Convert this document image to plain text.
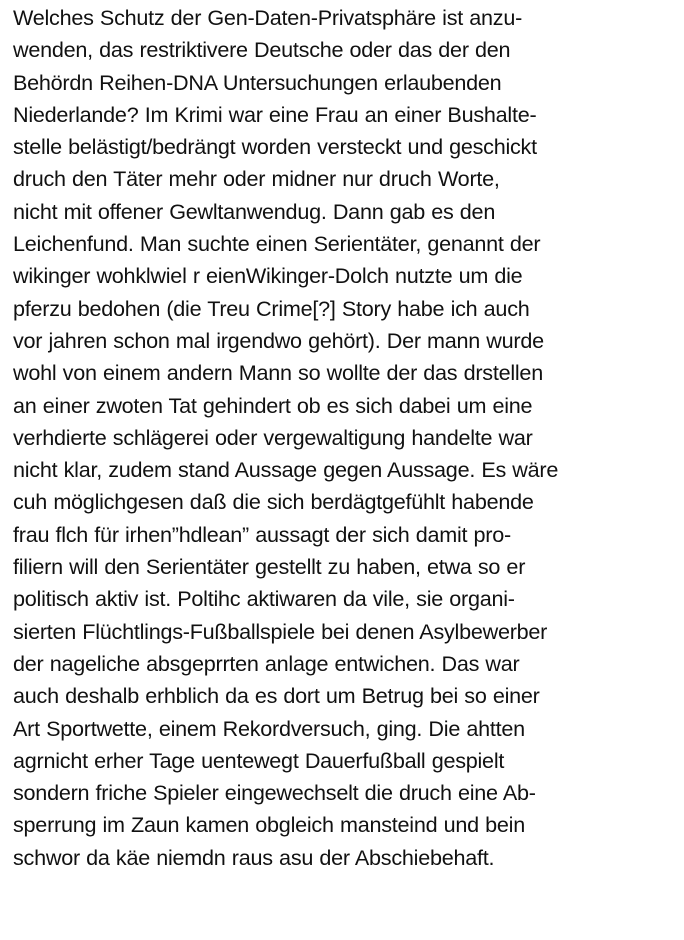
Welches Schutz der Gen-Daten-Privatsphäre ist anzu-
wenden, das restriktivere Deutsche oder das der den
Behördn Reihen-DNA Untersuchungen erlaubenden
Niederlande? Im Krimi war eine Frau an einer Bushalte-
stelle belästigt/bedrängt worden versteckt und geschickt
druch den Täter mehr oder midner nur druch Worte,
nicht mit offener Gewltanwendug. Dann gab es den
Leichenfund. Man suchte einen Serientäter, genannt der
wikinger wohklwiel r eienWikinger-Dolch nutzte um die
pferzu bedohen (die Treu Crime[?] Story habe ich auch
vor jahren schon mal irgendwo gehört). Der mann wurde
wohl von einem andern Mann so wollte der das drstellen
an einer zwoten Tat gehindert ob es sich dabei um eine
verhdierte schlägerei oder vergewaltigung handelte war
nicht klar, zudem stand Aussage gegen Aussage. Es wäre
cuh möglichgesen daß die sich berdägtgefühlt habende
frau flch für irhen”hdlean” aussagt der sich damit pro-
filiern will den Serientäter gestellt zu haben, etwa so er
politisch aktiv ist. Poltihc aktiwaren da vile, sie organi-
sierten Flüchtlings-Fußballspiele bei denen Asylbewerber
der nageliche absgeprrten anlage entwichen. Das war
auch deshalb erhblich da es dort um Betrug bei so einer
Art Sportwette, einem Rekordversuch, ging. Die ahtten
agrnicht erher Tage uentewegt Dauerfußball gespielt
sondern friche Spieler eingewechselt die druch eine Ab-
sperrung im Zaun kamen obgleich mansteind und bein
schwor da käe niemdn raus asu der Abschiebehaft.
